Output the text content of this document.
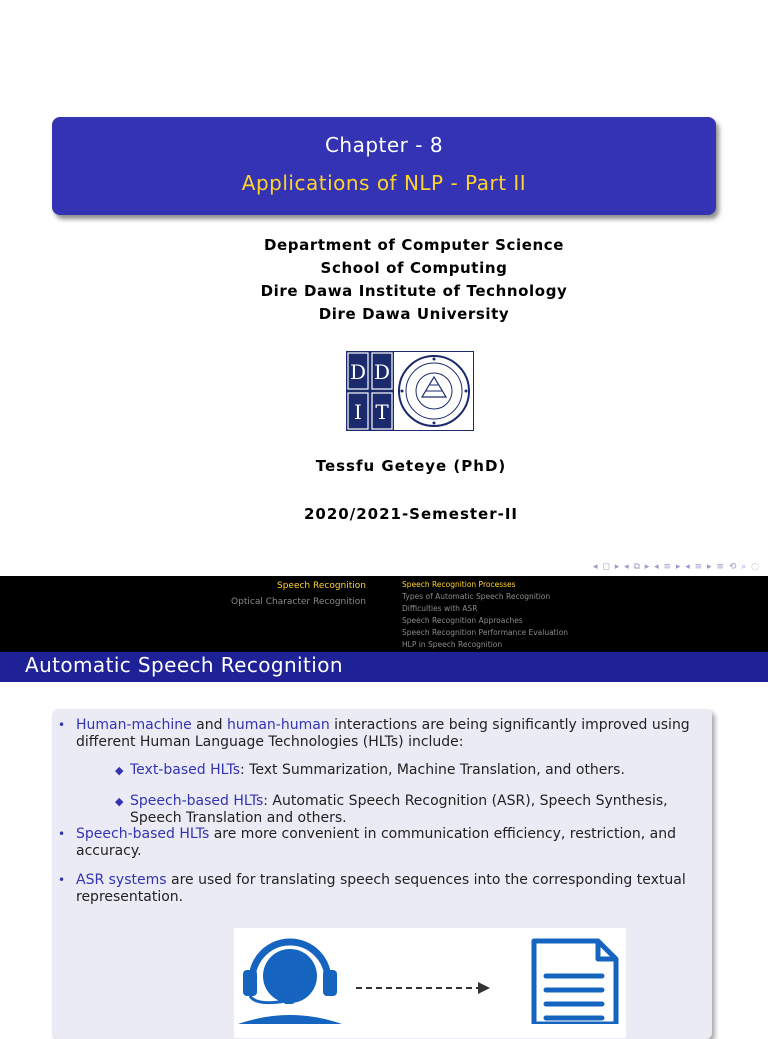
Chapter - 8
Applications of NLP - Part II
Department of Computer Science
School of Computing
Dire Dawa Institute of Technology
Dire Dawa University
D D
I T
Tessfu Geteye (PhD)
2020/2021-Semester-II
◂ ◻ ▸ ◂ ⧉ ▸ ◂ ≡ ▸ ◂ ≡ ▸ ≡ ⟲ ⌕ ◌
Speech Recognition
Optical Character Recognition
Speech Recognition Processes
Types of Automatic Speech Recognition
Difficulties with ASR
Speech Recognition Approaches
Speech Recognition Performance Evaluation
HLP in Speech Recognition
Automatic Speech Recognition
• Human-machine and human-human interactions are being significantly improved using
different Human Language Technologies (HLTs) include:
◆ Text-based HLTs: Text Summarization, Machine Translation, and others.
◆ Speech-based HLTs: Automatic Speech Recognition (ASR), Speech Synthesis,
Speech Translation and others.
• Speech-based HLTs are more convenient in communication efficiency, restriction, and
accuracy.
• ASR systems are used for translating speech sequences into the corresponding textual
representation.
